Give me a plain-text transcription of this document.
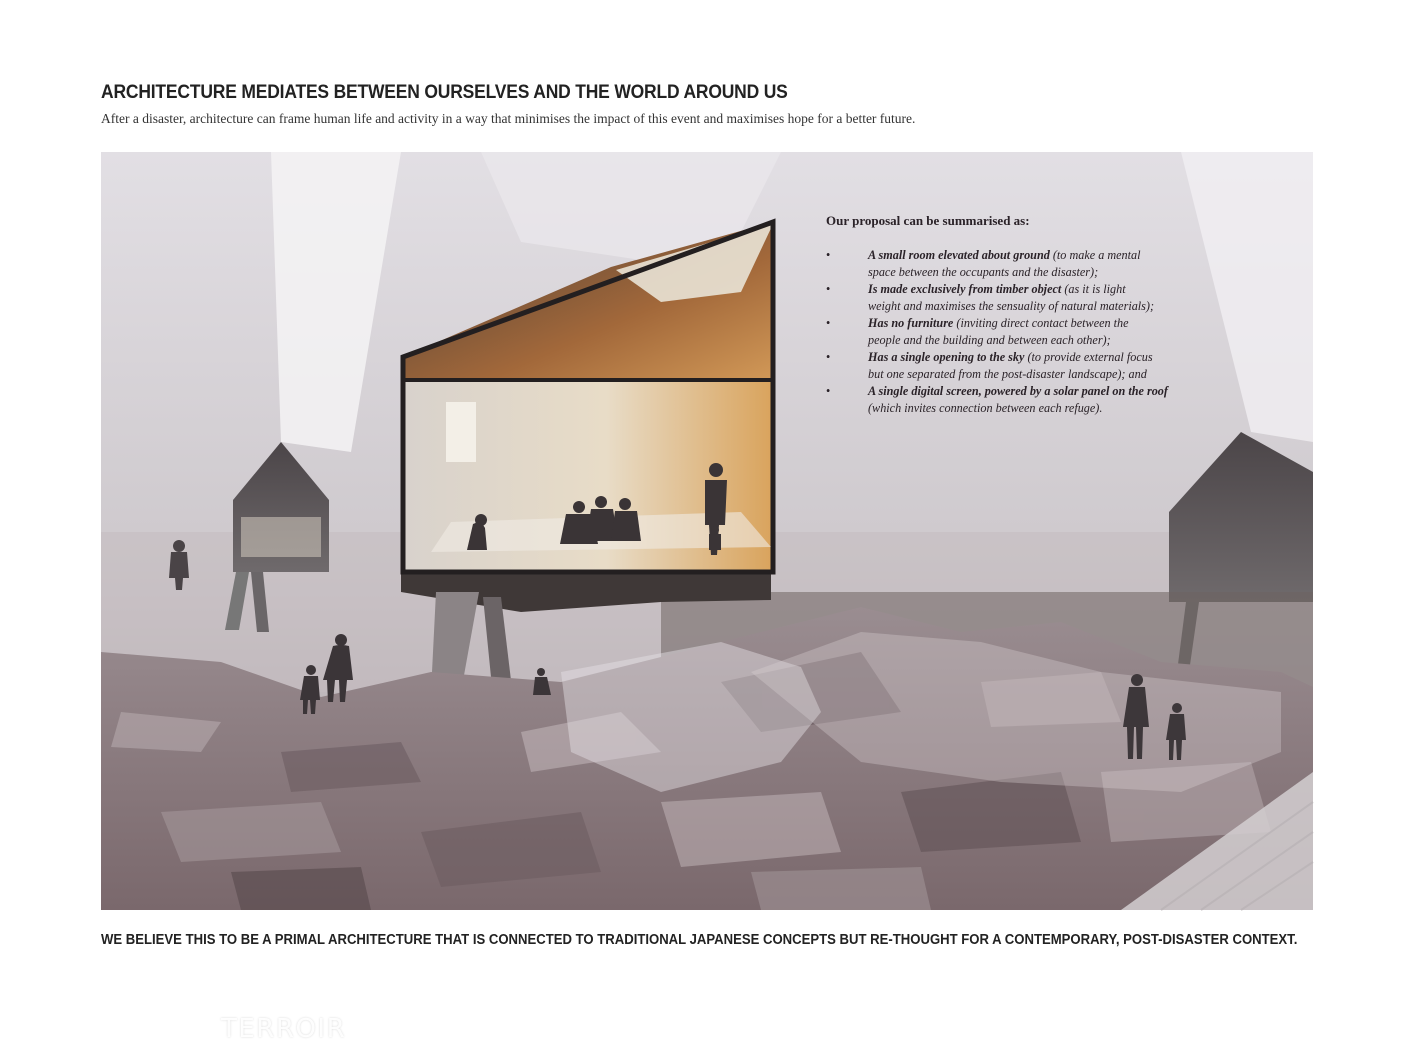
ARCHITECTURE MEDIATES BETWEEN OURSELVES AND THE WORLD AROUND US

After a disaster, architecture can frame human life and activity in a way that minimises the impact of this event and maximises hope for a better future.

TERROIR

Our proposal can be summarised as:

•	A small room elevated about ground (to make a mental
space between the occupants and the disaster);
•	Is made exclusively from timber object (as it is light
weight and maximises the sensuality of natural materials);
•	Has no furniture (inviting direct contact between the
people and the building and between each other);
•	Has a single opening to the sky (to provide external focus
but one separated from the post-disaster landscape); and
•	A single digital screen, powered by a solar panel on the roof
(which invites connection between each refuge).

WE BELIEVE THIS TO BE A PRIMAL ARCHITECTURE THAT IS CONNECTED TO TRADITIONAL JAPANESE CONCEPTS BUT RE-THOUGHT FOR A CONTEMPORARY, POST-DISASTER CONTEXT.
